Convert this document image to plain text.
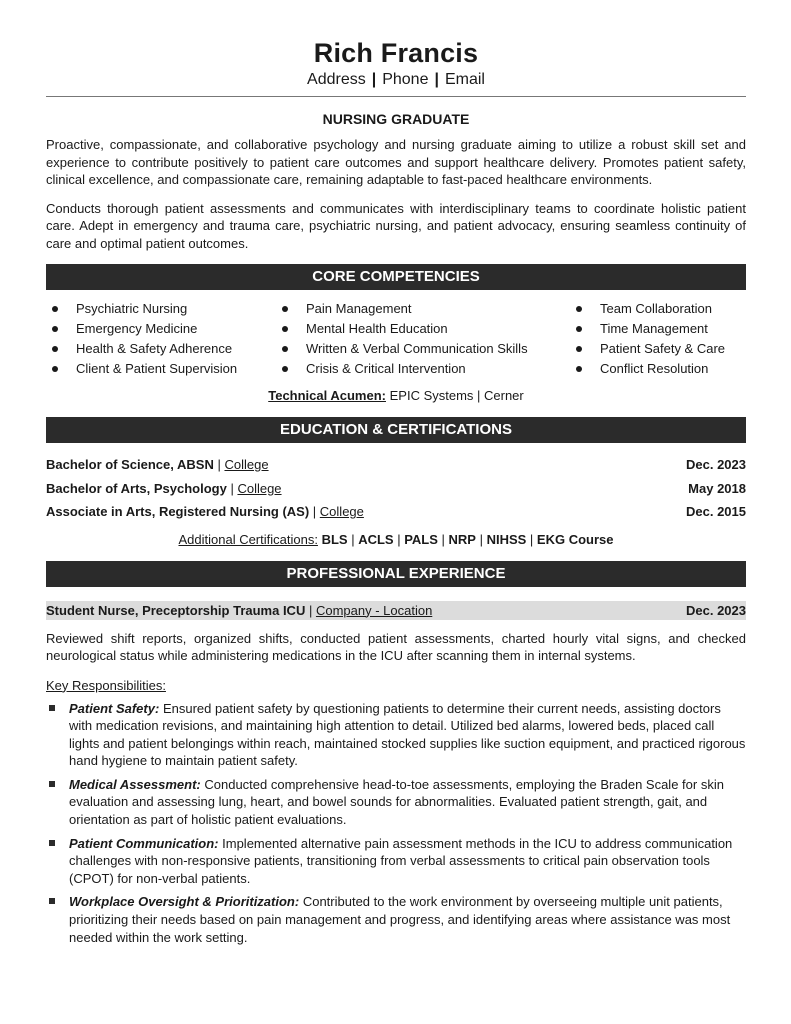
Rich Francis
Address | Phone | Email
NURSING GRADUATE
Proactive, compassionate, and collaborative psychology and nursing graduate aiming to utilize a robust skill set and experience to contribute positively to patient care outcomes and support healthcare delivery. Promotes patient safety, clinical excellence, and compassionate care, remaining adaptable to fast-paced healthcare environments.
Conducts thorough patient assessments and communicates with interdisciplinary teams to coordinate holistic patient care. Adept in emergency and trauma care, psychiatric nursing, and patient advocacy, ensuring seamless continuity of care and optimal patient outcomes.
CORE COMPETENCIES
Psychiatric Nursing
Emergency Medicine
Health & Safety Adherence
Client & Patient Supervision
Pain Management
Mental Health Education
Written & Verbal Communication Skills
Crisis & Critical Intervention
Team Collaboration
Time Management
Patient Safety & Care
Conflict Resolution
Technical Acumen: EPIC Systems | Cerner
EDUCATION & CERTIFICATIONS
Bachelor of Science, ABSN | College	Dec. 2023
Bachelor of Arts, Psychology | College	May 2018
Associate in Arts, Registered Nursing (AS) | College	Dec. 2015
Additional Certifications: BLS | ACLS | PALS | NRP | NIHSS | EKG Course
PROFESSIONAL EXPERIENCE
Student Nurse, Preceptorship Trauma ICU | Company - Location	Dec. 2023
Reviewed shift reports, organized shifts, conducted patient assessments, charted hourly vital signs, and checked neurological status while administering medications in the ICU after scanning them in internal systems.
Key Responsibilities:
Patient Safety: Ensured patient safety by questioning patients to determine their current needs, assisting doctors with medication revisions, and maintaining high attention to detail. Utilized bed alarms, lowered beds, placed call lights and patient belongings within reach, maintained stocked supplies like suction equipment, and practiced rigorous hand hygiene to maintain patient safety.
Medical Assessment: Conducted comprehensive head-to-toe assessments, employing the Braden Scale for skin evaluation and assessing lung, heart, and bowel sounds for abnormalities. Evaluated patient strength, gait, and orientation as part of holistic patient evaluations.
Patient Communication: Implemented alternative pain assessment methods in the ICU to address communication challenges with non-responsive patients, transitioning from verbal assessments to critical pain observation tools (CPOT) for non-verbal patients.
Workplace Oversight & Prioritization: Contributed to the work environment by overseeing multiple unit patients, prioritizing their needs based on pain management and progress, and identifying areas where assistance was most needed within the work setting.
